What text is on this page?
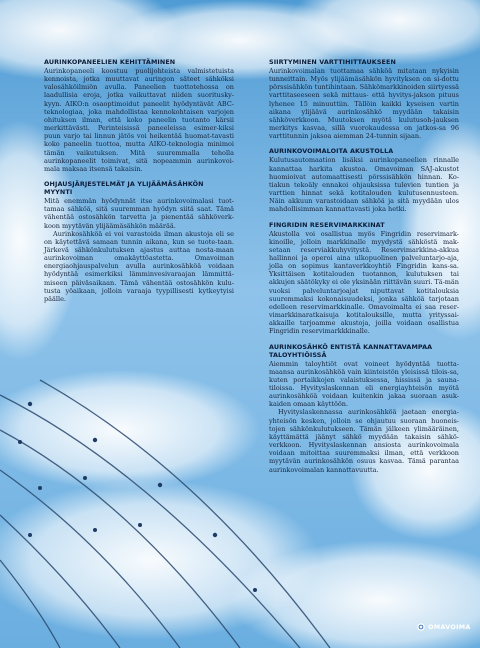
AURINKOPANEELIEN KEHITTÄMINEN

Aurinkopaneeli koostuu puolijohteista valmistetuista kennoista, jotka muuttavat auringon säteet sähköksi valosähköilmiön avulla. Paneelien tuottotehossa on laadullisia eroja, jotka vaikuttavat niiden suoritusky-kyyn. AIKO:n osaoptimoidut paneelit hyödyntävät ABC-teknologiaa, joka mahdollistaa kennokohtaisen varjojen ohituksen ilman, että koko paneelin tuotanto kärsii merkittävästi. Perinteisissä paneeleissa esimer-kiksi puun varjo tai linnun jätös voi heikentää huomat-tavasti koko paneelin tuottoa, mutta AIKO-teknologia minimoi tämän vaikutuksen. Mitä suuremmalla teholla aurinkopaneelit toimivat, sitä nopeammin aurinkovoi-mala maksaa itsensä takaisin.

OHJAUSJÄRJESTELMÄT JA YLIJÄÄMÄSÄHKÖN MYYNTI

Mitä enemmän hyödynnät itse aurinkovoimalasi tuot-tamaa sähköä, sitä suuremman hyödyn siitä saat. Tämä vähentää ostosähkön tarvetta ja pienentää sähköverk-koon myytävän ylijäämäsähkön määrää.

Aurinkosähköä ei voi varastoida ilman akustoja eli se on käytettävä samaan tunnin aikana, kun se tuote-taan. Järkevä sähkönkulutuksen ajastus auttaa nosta-maan aurinkovoiman omakäyttöastetta. Omavoiman energiaohjauspalvelun avulla aurinkosähköä voidaan hyödyntää esimerkiksi lämminvesivaraajan lämmittä-miseen päiväsaikaan. Tämä vähentää ostosähkön kulu-tusta yöaikaan, jolloin varaaja tyypillisesti kytkeytyisi päälle.

SIIRTYMINEN VARTTIHITTAUKSEEN

Aurinkovoimalan tuottamaa sähköä mitataan nykyisin tunneittain. Myös ylijäämäsähkön hyvityksen on si-dottu pörssisähkön tuntihintaan. Sähkömarkkinoiden siirtyessä varttitaseeseen sekä mittaus- että hyvitys-jakson pituus lyhenee 15 minuuttiin. Tällöin kaikki kyseisen vartin aikana ylijäävä aurinkosähkö myydään takaisin sähköverkkoon. Muutoksen myötä kulutusoh-jauksen merkitys kasvaa, sillä vuorokaudessa on jatkos-sa 96 varttitunnin jaksoa aiemman 24-tunnin sijaan.

AURINKOVOIMALOITA AKUSTOLLA

Kulutusautomaation lisäksi aurinkopaneelien rinnalle kannattaa harkita akustoa. Omavoiman SAJ-akustot huomioivat automaattisesti pörssisähkön hinnan. Ko-tiakun tekoäly ennakoi ohjauksissa tulevien tuntien ja varttien hinnat sekä kotitalouden kulutusennusteen. Näin akkuun varastoidaan sähköä ja sitä myydään ulos mahdollisimman kannattavasti joka hetki.

FINGRIDIN RESERVIMARKKINAT

Akustolla voi osallistua myös Fingridin reservimark-kinoille, jolloin markkinalle myydystä sähköstä mak-setaan reserviakkuhyvitystä. Reservimarkkina-akkua hallinnoi ja operoi aina ulkopuolinen palveluntarjo-aja, jolla on sopimus kantaverkkoyhtiö Fingridin kans-sa. Yksittäisen kotitalouden tuotannon, kulutuksen tai akkujen säätökyky ei ole yksinään riittävän suuri. Tä-män vuoksi palveluntarjoajat niputtavat kotitalouksia suuremmaksi kokonaisuudeksi, jonka sähköä tarjotaan edelleen reservimarkkinalle. Omavoimalta ei saa reser-vimarkkinaratkaisuja kotitalouksille, mutta yrityssai-akkaille tarjoamme akustoja, joilla voidaan osallistua Fingridin reservimarkkkinalle.

AURINKOSÄHKÖ ENTISTÄ KANNATTAVAMPAA TALOYHTIÖISSÄ

Aiemmin taloyhtiöt ovat voineet hyödyntää tuotta-maansa aurinkosähköä vain kiinteistön yleisissä tilois-sa, kuten portaikkojen valaistuksessa, hississä ja sauna-tiloissa. Hyvityslaskennan eli energiayhteisön myötä aurinkosähköä voidaan kuitenkin jakaa suoraan asuk-kaiden omaan käyttöön.

Hyvityslaskennassa aurinkosähköä jaetaan energia-yhteisön kesken, jolloin se ohjautuu suoraan huoneis-tojen sähkönkulutukseen. Tämän jälkeen ylimääräinen, käyttämättä jäänyt sähkö myydään takaisin sähkö-verkkoon. Hyvityslaskennan ansiosta aurinkovoimala voidaan mitoittaa suuremmaksi ilman, että verkkoon myytävän aurinkosähkön osuus kasvaa. Tämä parantaa aurinkovoimalan kannattavuutta.

OMAVOIMA
